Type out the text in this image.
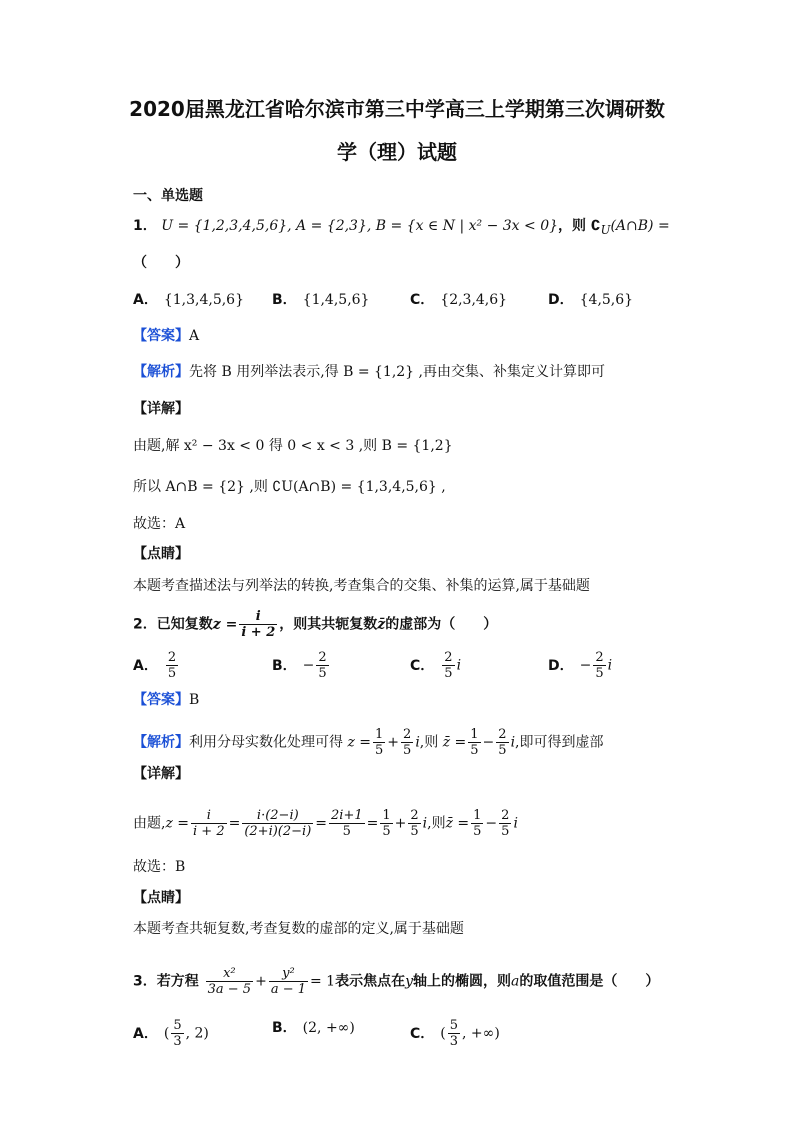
2020届黑龙江省哈尔滨市第三中学高三上学期第三次调研数
学（理）试题
一、单选题
1． U = {1,2,3,4,5,6}, A = {2,3}, B = {x ∈ N | x² − 3x < 0}，则 $∁_U(A\cap B)$ =
（　　）
A． {1,3,4,5,6} B． {1,4,5,6}	C． {2,3,4,6}	D． {4,5,6}
【答案】A
【解析】先将 B 用列举法表示,得 B = {1,2} ,再由交集、补集定义计算即可
【详解】
由题,解 x² − 3x < 0 得 0 < x < 3 ,则 B = {1,2}
所以 A∩B = {2} ,则 ∁U(A∩B) = {1,3,4,5,6} ,
故选：A
【点睛】
本题考查描述法与列举法的转换,考查集合的交集、补集的运算,属于基础题
2．已知复数$z = \frac{i}{i + 2}$ ，则其共轭复数z̄的虚部为（　　）
A． $\frac{2}{5}$	B． − $\frac{2}{5}$	C． $\frac{2}{5}$ i	D． − $\frac{2}{5}$ i
【答案】B
【解析】利用分母实数化处理可得 $z = \frac{1}{5} + \frac{2}{5} i$,则 z̄ = $\frac{1}{5} - \frac{2}{5} i$,即可得到虚部
【详解】
由题$,z = \frac{i}{i + 2} = \frac{i\cdot(2-i)}{(2+i)(2-i)} = \frac{2i+1}{5} = \frac{1}{5} + \frac{2}{5} i$,则z̄ = $\frac{1}{5} - \frac{2}{5}$ i
故选：B
【点睛】
本题考查共轭复数,考查复数的虚部的定义,属于基础题
3．若方程 $\frac{\text{x²}}{3a - 5} + \frac{\text{y²}}{a - 1} = 1$表示焦点在y轴上的椭圆，则a的取值范围是（　　）
A． ( $\frac{5}{3}$ , 2)	B． (2, +∞)	C． ( $\frac{5}{3}$ , +∞)
